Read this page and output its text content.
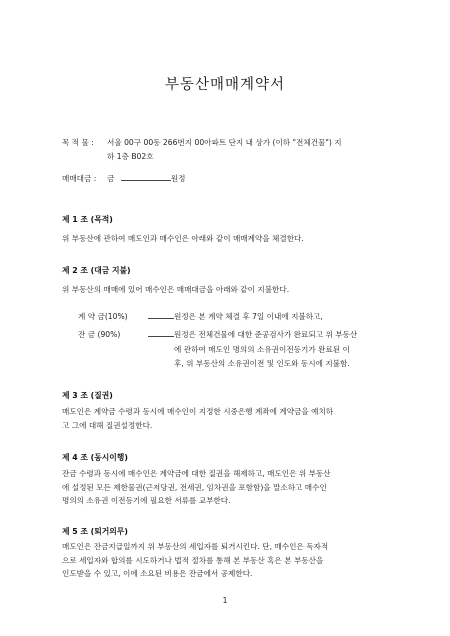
부동산매매계약서
목 적 물 : 서울 00구 00동 266번지 00아파트 단지 내 상가 (이하 "전체건물") 지
하 1층 B02호
매매대금 : 금	원정
제 1 조 (목적)
위 부동산에 관하여 매도인과 매수인은 아래와 같이 매매계약을 체결한다.
제 2 조 (대금 지불)
위 부동산의 매매에 있어 매수인은 매매대금을 아래와 같이 지불한다.
계 약 금(10%)	원정은 본 계약 체결 후 7일 이내에 지불하고,
잔 금 (90%)	원정은 전체건물에 대한 준공검사가 완료되고 위 부동산
에 관하여 매도인 명의의 소유권이전등기가 완료된 이
후, 위 부동산의 소유권이전 및 인도와 동시에 지불함.
제 3 조 (질권)
매도인은 계약금 수령과 동시에 매수인이 지정한 시중은행 계좌에 계약금을 예치하
고 그에 대해 질권설정한다.
제 4 조 (동시이행)
잔금 수령과 동시에 매수인은 계약금에 대한 질권을 해제하고, 매도인은 위 부동산
에 설정된 모든 제한물권(근저당권, 전세권, 임차권을 포함함)을 말소하고 매수인
명의의 소유권 이전등기에 필요한 서류를 교부한다.
제 5 조 (퇴거의무)
매도인은 잔금지급일까지 위 부동산의 세입자를 퇴거시킨다. 단, 매수인은 독자적
으로 세입자와 합의를 시도하거나 법적 절차를 통해 본 부동산 혹은 본 부동산을
인도받을 수 있고, 이에 소요된 비용은 잔금에서 공제한다.
1
